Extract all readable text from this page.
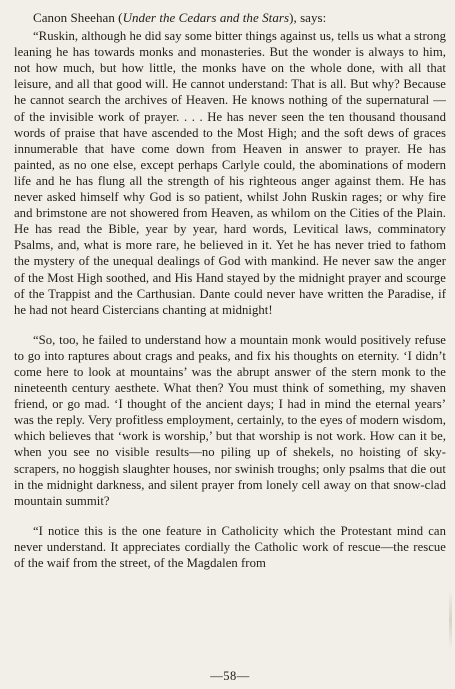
Canon Sheehan (Under the Cedars and the Stars), says:

“Ruskin, although he did say some bitter things against us, tells us what a strong leaning he has towards monks and monasteries. But the wonder is always to him, not how much, but how little, the monks have on the whole done, with all that leisure, and all that good will. He cannot understand: That is all. But why? Because he cannot search the archives of Heaven. He knows nothing of the supernatural —of the invisible work of prayer. . . . He has never seen the ten thousand thousand words of praise that have ascended to the Most High; and the soft dews of graces innumerable that have come down from Heaven in answer to prayer. He has painted, as no one else, except perhaps Carlyle could, the abominations of modern life and he has flung all the strength of his righteous anger against them. He has never asked himself why God is so patient, whilst John Ruskin rages; or why fire and brimstone are not showered from Heaven, as whilom on the Cities of the Plain. He has read the Bible, year by year, hard words, Levitical laws, comminatory Psalms, and, what is more rare, he believed in it. Yet he has never tried to fathom the mystery of the unequal dealings of God with mankind. He never saw the anger of the Most High soothed, and His Hand stayed by the midnight prayer and scourge of the Trappist and the Carthusian. Dante could never have written the Paradise, if he had not heard Cistercians chanting at midnight!

“So, too, he failed to understand how a mountain monk would positively refuse to go into raptures about crags and peaks, and fix his thoughts on eternity. ‘I didn’t come here to look at mountains’ was the abrupt answer of the stern monk to the nineteenth century aesthete. What then? You must think of something, my shaven friend, or go mad. ‘I thought of the ancient days; I had in mind the eternal years’ was the reply. Very profitless employment, certainly, to the eyes of modern wisdom, which believes that ‘work is worship,’ but that worship is not work. How can it be, when you see no visible results—no piling up of shekels, no hoisting of sky-scrapers, no hoggish slaughter houses, nor swinish troughs; only psalms that die out in the midnight darkness, and silent prayer from lonely cell away on that snow-clad mountain summit?

“I notice this is the one feature in Catholicity which the Protestant mind can never understand. It appreciates cordially the Catholic work of rescue—the rescue of the waif from the street, of the Magdalen from

—58—
